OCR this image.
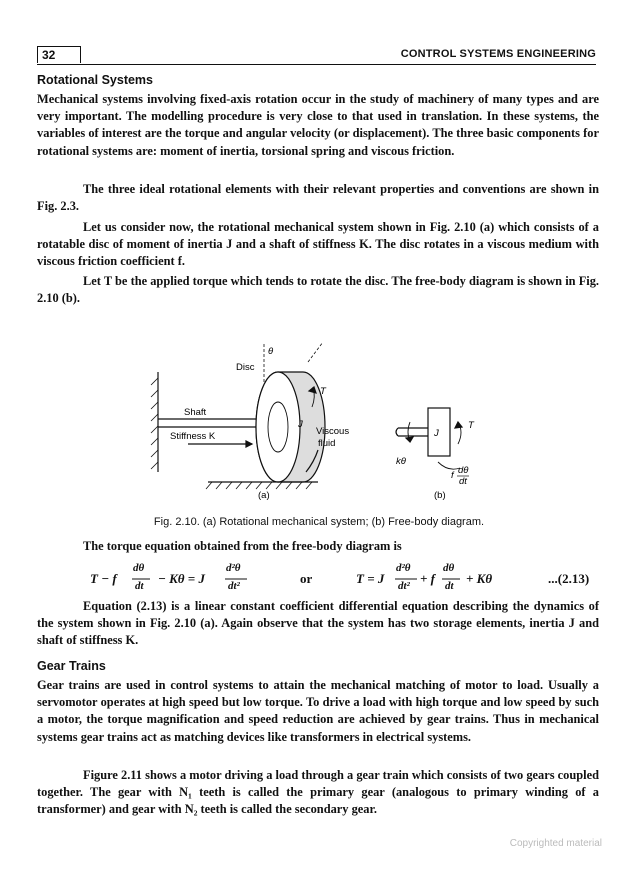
32	CONTROL SYSTEMS ENGINEERING
Rotational Systems
Mechanical systems involving fixed-axis rotation occur in the study of machinery of many types and are very important. The modelling procedure is very close to that used in translation. In these systems, the variables of interest are the torque and angular velocity (or displacement). The three basic components for rotational systems are: moment of inertia, torsional spring and viscous friction.
The three ideal rotational elements with their relevant properties and conventions are shown in Fig. 2.3.
Let us consider now, the rotational mechanical system shown in Fig. 2.10 (a) which consists of a rotatable disc of moment of inertia J and a shaft of stiffness K. The disc rotates in a viscous medium with viscous friction coefficient f.
Let T be the applied torque which tends to rotate the disc. The free-body diagram is shown in Fig. 2.10 (b).
θ
Disc
T
Shaft
Stiffness K
J
Viscous
fluid
(a)
J
T
kθ
f dθ
dt
(b)
Fig. 2.10. (a) Rotational mechanical system; (b) Free-body diagram.
The torque equation obtained from the free-body diagram is
T − f
dθ
dt − Kθ = J
d²θ
dt²	or	T = J
d²θ
dt² + f
dθ
dt + Kθ	...(2.13)
Equation (2.13) is a linear constant coefficient differential equation describing the dynamics of the system shown in Fig. 2.10 (a). Again observe that the system has two storage elements, inertia J and shaft of stiffness K.
Gear Trains
Gear trains are used in control systems to attain the mechanical matching of motor to load. Usually a servomotor operates at high speed but low torque. To drive a load with high torque and low speed by such a motor, the torque magnification and speed reduction are achieved by gear trains. Thus in mechanical systems gear trains act as matching devices like transformers in electrical systems.
Figure 2.11 shows a motor driving a load through a gear train which consists of two gears coupled together. The gear with N₁ teeth is called the primary gear (analogous to primary winding of a transformer) and gear with N₂ teeth is called the secondary gear.
Copyrighted material
